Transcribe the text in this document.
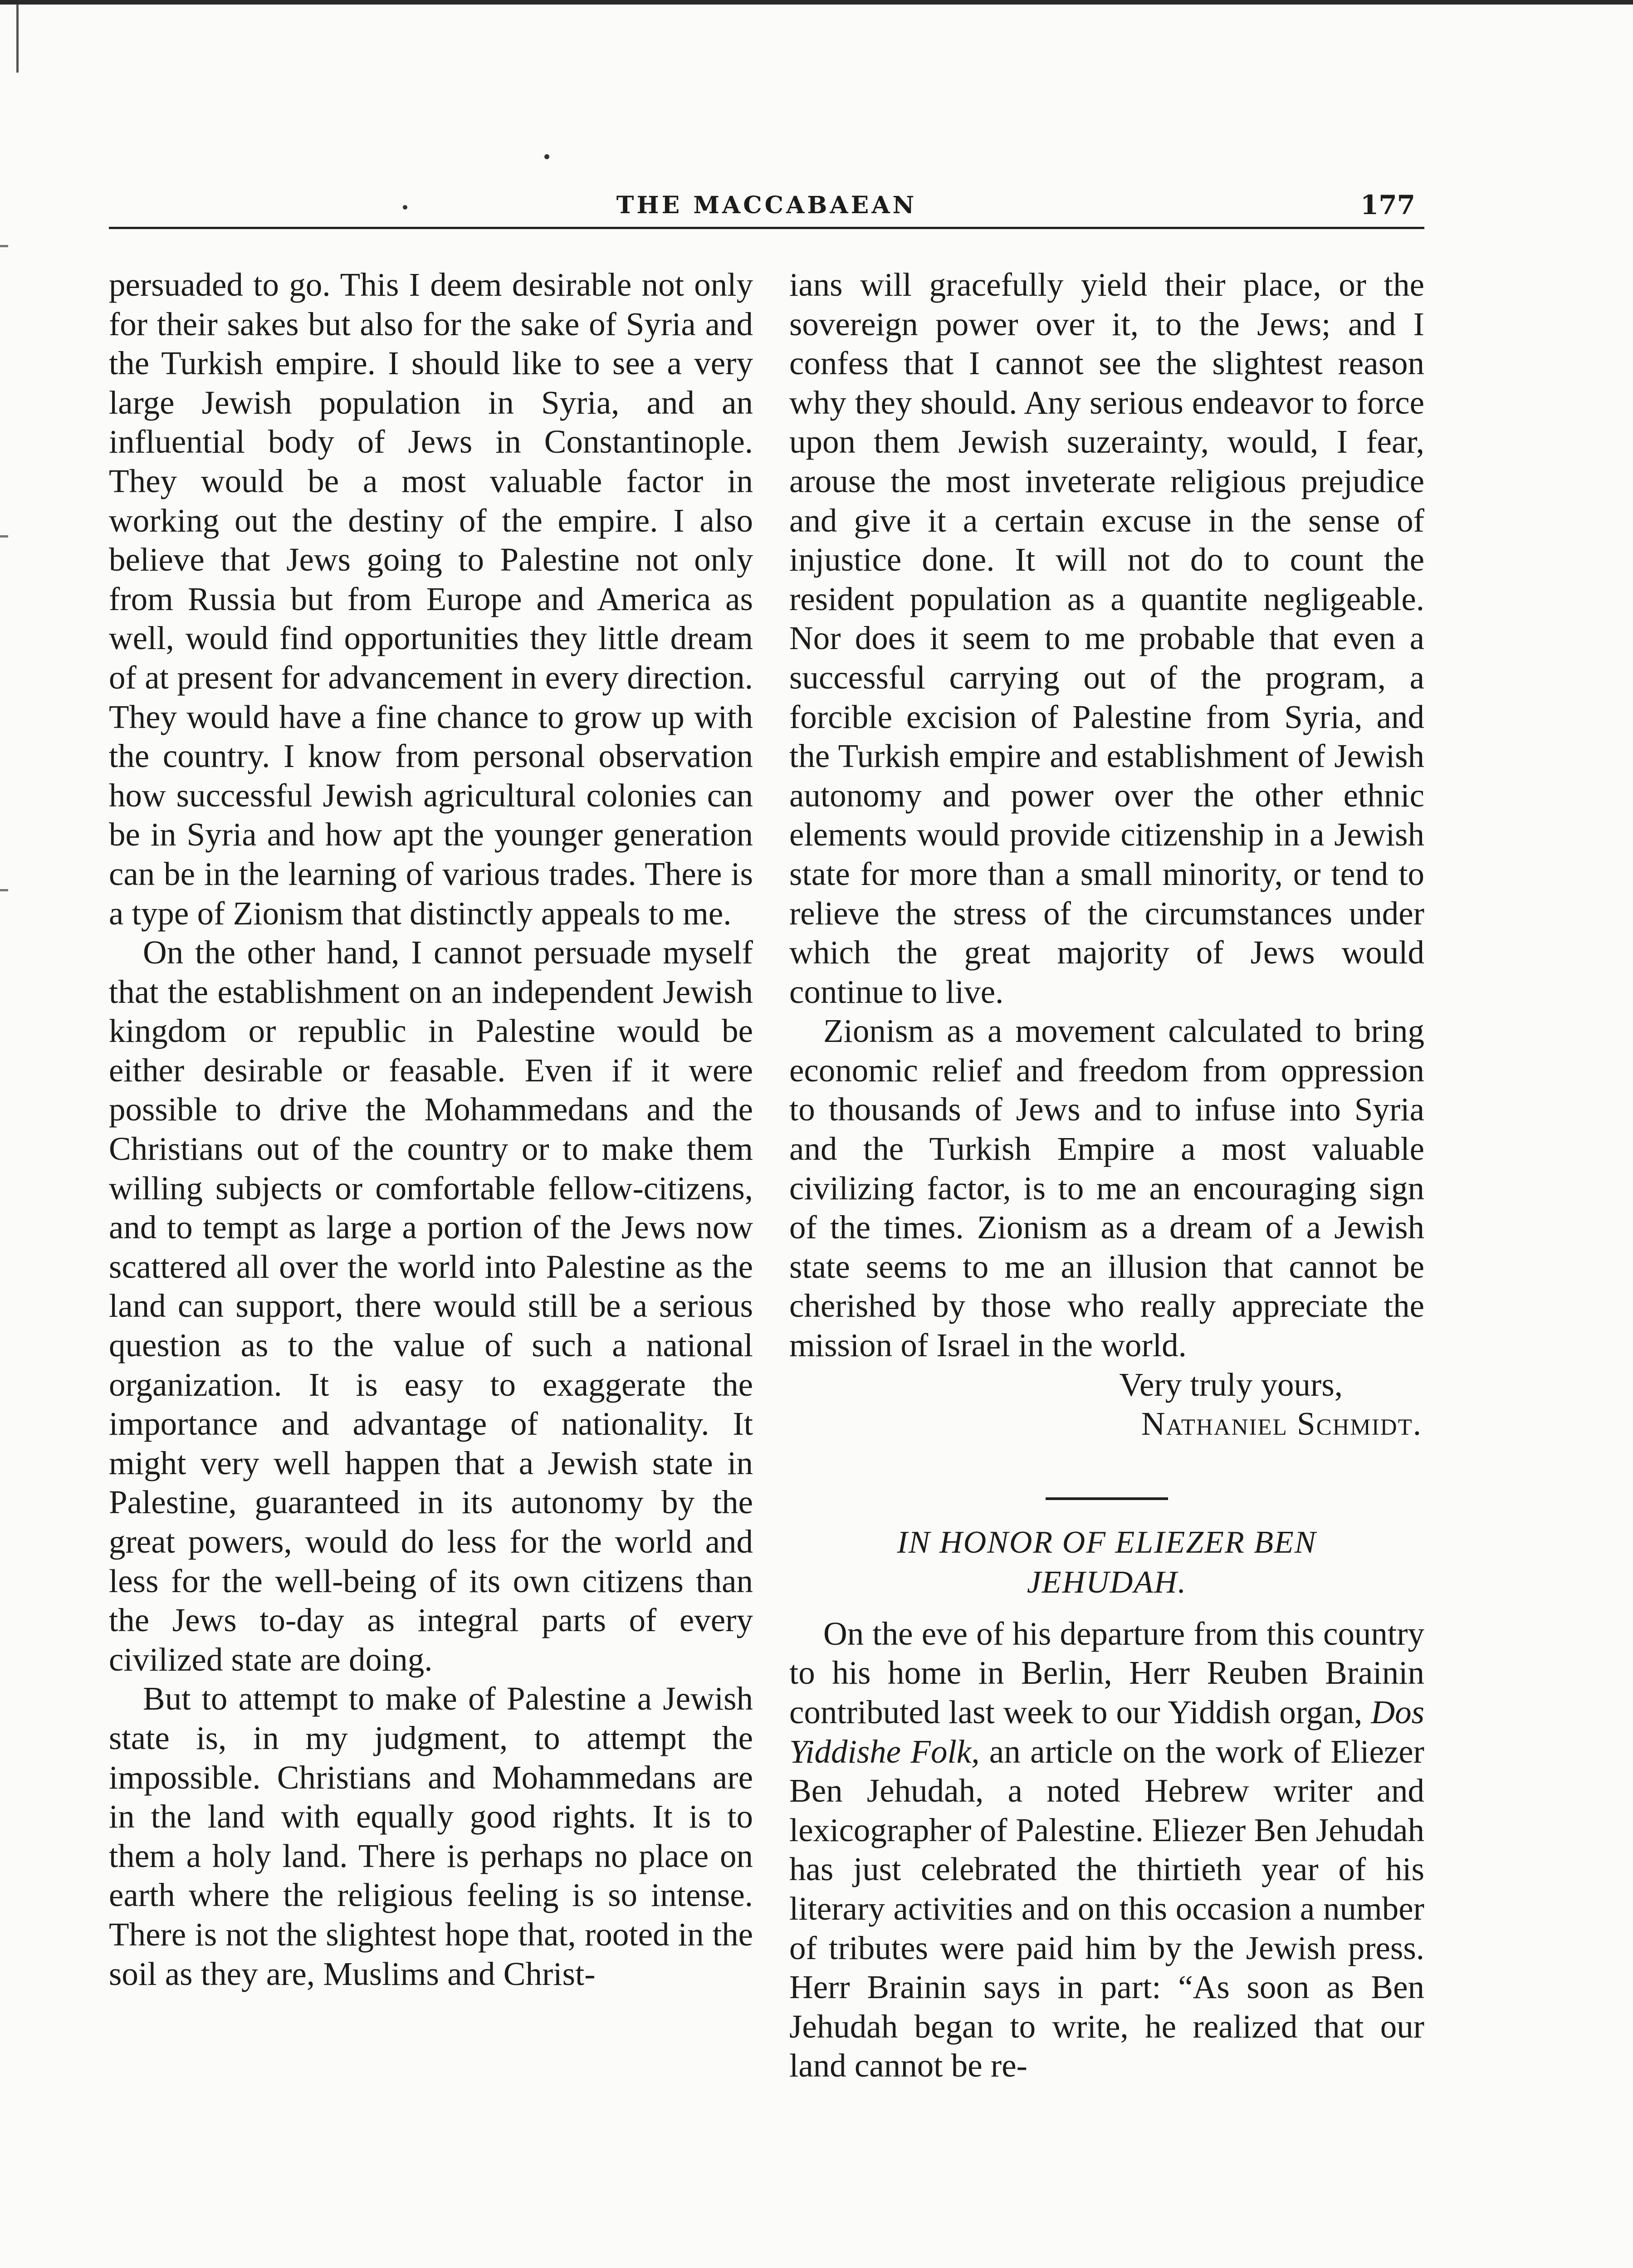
THE MACCABAEAN	177

persuaded to go. This I deem desirable not only for their sakes but also for the sake of Syria and the Turkish empire. I should like to see a very large Jewish population in Syria, and an influential body of Jews in Constantinople. They would be a most valuable factor in working out the destiny of the empire. I also believe that Jews going to Palestine not only from Russia but from Europe and America as well, would find opportunities they little dream of at present for advancement in every direction. They would have a fine chance to grow up with the country. I know from personal observation how successful Jewish agricultural colonies can be in Syria and how apt the younger generation can be in the learning of various trades. There is a type of Zionism that distinctly appeals to me.

On the other hand, I cannot persuade myself that the establishment on an independent Jewish kingdom or republic in Palestine would be either desirable or feasable. Even if it were possible to drive the Mohammedans and the Christians out of the country or to make them willing subjects or comfortable fellow-citizens, and to tempt as large a portion of the Jews now scattered all over the world into Palestine as the land can support, there would still be a serious question as to the value of such a national organization. It is easy to exaggerate the importance and advantage of nationality. It might very well happen that a Jewish state in Palestine, guaranteed in its autonomy by the great powers, would do less for the world and less for the well-being of its own citizens than the Jews to-day as integral parts of every civilized state are doing.

But to attempt to make of Palestine a Jewish state is, in my judgment, to attempt the impossible. Christians and Mohammedans are in the land with equally good rights. It is to them a holy land. There is perhaps no place on earth where the religious feeling is so intense. There is not the slightest hope that, rooted in the soil as they are, Muslims and Christ-

ians will gracefully yield their place, or the sovereign power over it, to the Jews; and I confess that I cannot see the slightest reason why they should. Any serious endeavor to force upon them Jewish suzerainty, would, I fear, arouse the most inveterate religious prejudice and give it a certain excuse in the sense of injustice done. It will not do to count the resident population as a quantite negligeable. Nor does it seem to me probable that even a successful carrying out of the program, a forcible excision of Palestine from Syria, and the Turkish empire and establishment of Jewish autonomy and power over the other ethnic elements would provide citizenship in a Jewish state for more than a small minority, or tend to relieve the stress of the circumstances under which the great majority of Jews would continue to live.

Zionism as a movement calculated to bring economic relief and freedom from oppression to thousands of Jews and to infuse into Syria and the Turkish Empire a most valuable civilizing factor, is to me an encouraging sign of the times. Zionism as a dream of a Jewish state seems to me an illusion that cannot be cherished by those who really appreciate the mission of Israel in the world.

Very truly yours,
Nathaniel Schmidt.
IN HONOR OF ELIEZER BEN
JEHUDAH.

On the eve of his departure from this country to his home in Berlin, Herr Reuben Brainin contributed last week to our Yiddish organ, Dos Yiddishe Folk, an article on the work of Eliezer Ben Jehudah, a noted Hebrew writer and lexicographer of Palestine. Eliezer Ben Jehudah has just celebrated the thirtieth year of his literary activities and on this occasion a number of tributes were paid him by the Jewish press. Herr Brainin says in part: “As soon as Ben Jehudah began to write, he realized that our land cannot be re-
